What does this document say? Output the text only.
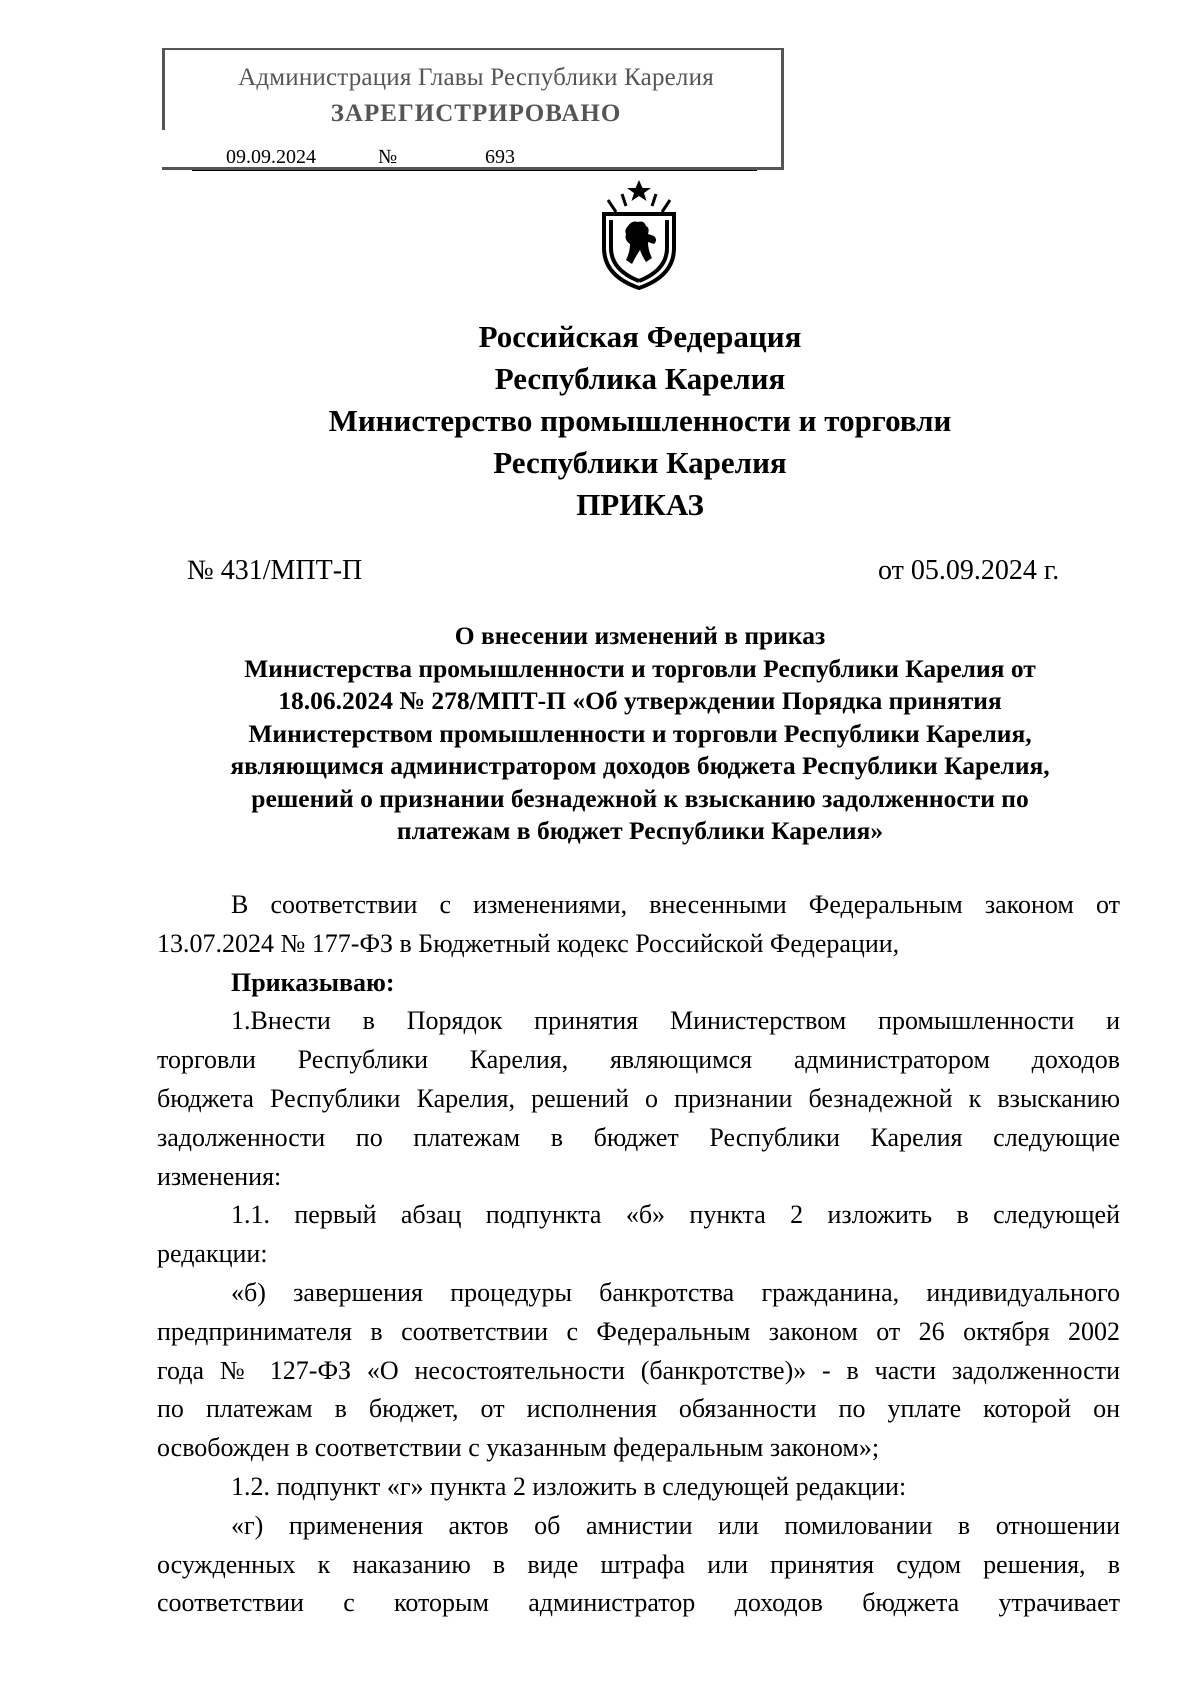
Администрация Главы Республики Карелия
ЗАРЕГИСТРИРОВАНО
09.09.2024	№	693
Российская Федерация
Республика Карелия
Министерство промышленности и торговли
Республики Карелия
ПРИКАЗ
№ 431/МПТ-П	от 05.09.2024 г.
О внесении изменений в приказ
Министерства промышленности и торговли Республики Карелия от
18.06.2024 № 278/МПТ-П «Об утверждении Порядка принятия
Министерством промышленности и торговли Республики Карелия,
являющимся администратором доходов бюджета Республики Карелия,
решений о признании безнадежной к взысканию задолженности по
платежам в бюджет Республики Карелия»
В соответствии с изменениями, внесенными Федеральным законом от
13.07.2024 № 177-ФЗ в Бюджетный кодекс Российской Федерации,
Приказываю:
1.Внести в Порядок принятия Министерством промышленности и
торговли Республики Карелия, являющимся администратором доходов
бюджета Республики Карелия, решений о признании безнадежной к взысканию
задолженности по платежам в бюджет Республики Карелия следующие
изменения:
1.1. первый абзац подпункта «б» пункта 2 изложить в следующей
редакции:
«б) завершения процедуры банкротства гражданина, индивидуального
предпринимателя в соответствии с Федеральным законом от 26 октября 2002
года № 127-ФЗ «О несостоятельности (банкротстве)» - в части задолженности
по платежам в бюджет, от исполнения обязанности по уплате которой он
освобожден в соответствии с указанным федеральным законом»;
1.2. подпункт «г» пункта 2 изложить в следующей редакции:
«г) применения актов об амнистии или помиловании в отношении
осужденных к наказанию в виде штрафа или принятия судом решения, в
соответствии с которым администратор доходов бюджета утрачивает
